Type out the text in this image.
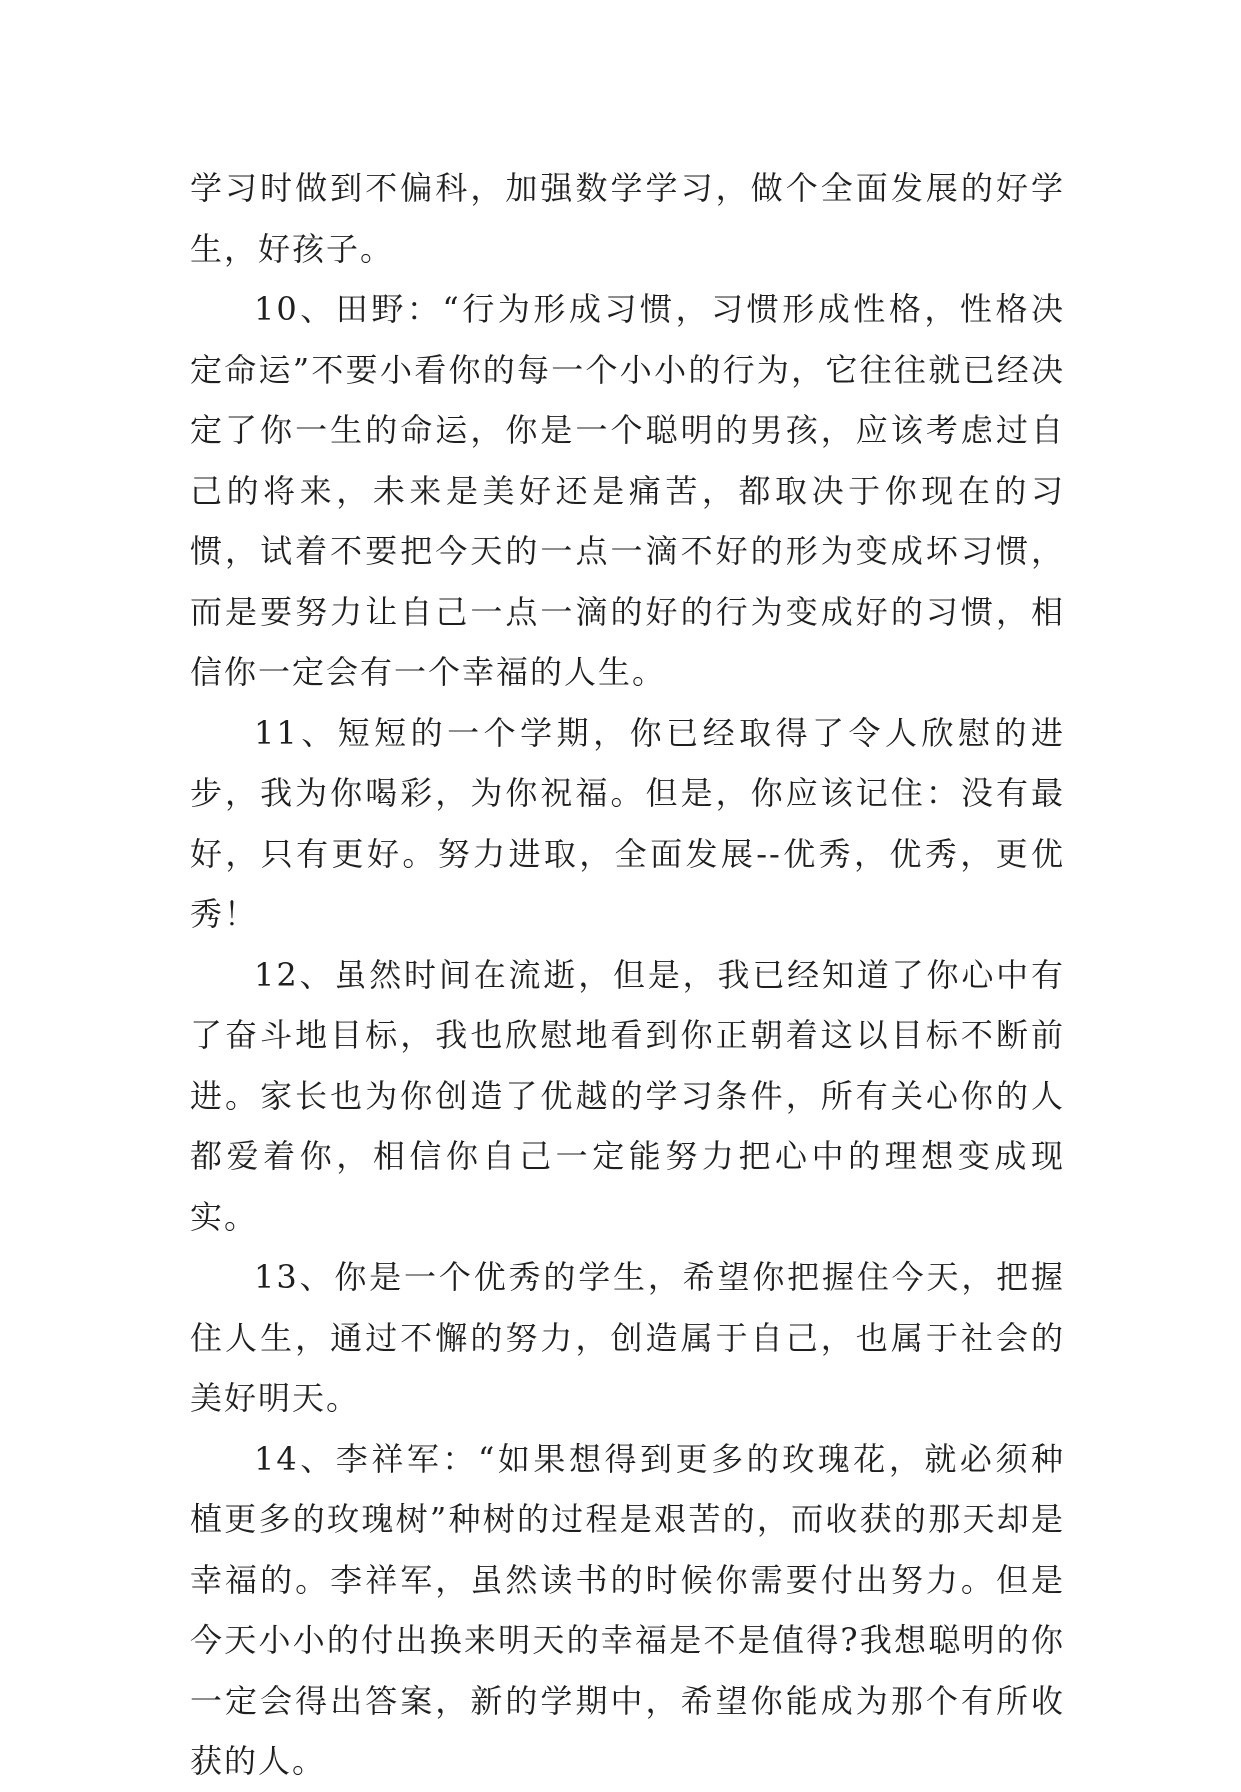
学习时做到不偏科，加强数学学习，做个全面发展的好学生，好孩子。

10、田野：“行为形成习惯，习惯形成性格，性格决定命运”不要小看你的每一个小小的行为，它往往就已经决定了你一生的命运，你是一个聪明的男孩，应该考虑过自己的将来，未来是美好还是痛苦，都取决于你现在的习惯，试着不要把今天的一点一滴不好的形为变成坏习惯，而是要努力让自己一点一滴的好的行为变成好的习惯，相信你一定会有一个幸福的人生。

11、短短的一个学期，你已经取得了令人欣慰的进步，我为你喝彩，为你祝福。但是，你应该记住：没有最好，只有更好。努力进取，全面发展--优秀，优秀，更优秀！

12、虽然时间在流逝，但是，我已经知道了你心中有了奋斗地目标，我也欣慰地看到你正朝着这以目标不断前进。家长也为你创造了优越的学习条件，所有关心你的人都爱着你，相信你自己一定能努力把心中的理想变成现实。

13、你是一个优秀的学生，希望你把握住今天，把握住人生，通过不懈的努力，创造属于自己，也属于社会的美好明天。

14、李祥军：“如果想得到更多的玫瑰花，就必须种植更多的玫瑰树”种树的过程是艰苦的，而收获的那天却是幸福的。李祥军，虽然读书的时候你需要付出努力。但是今天小小的付出换来明天的幸福是不是值得?我想聪明的你一定会得出答案，新的学期中，希望你能成为那个有所收获的人。
